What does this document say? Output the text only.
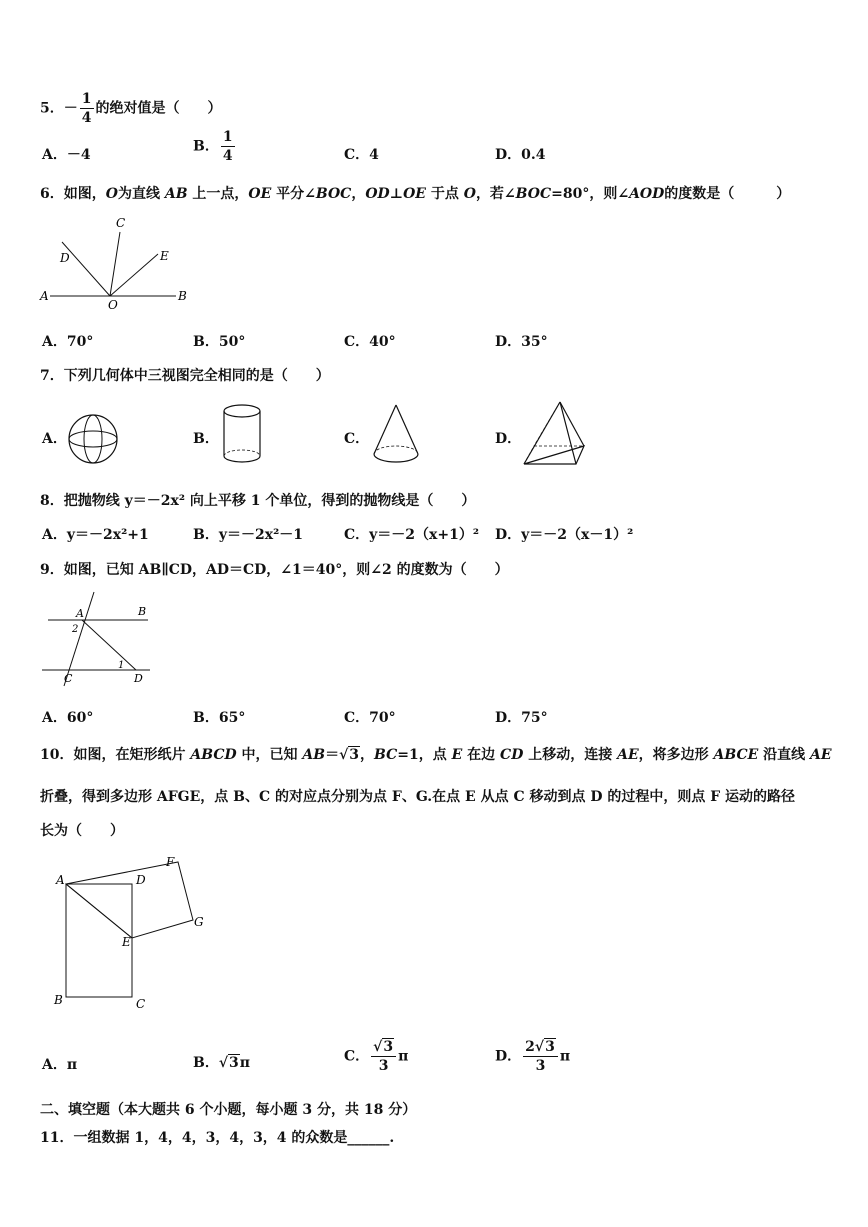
5．－ $\frac{1}{4}$ 的绝对值是（　　）
A．－4
B． $\frac{1}{4}$	C．4	D．0.4
6．如图，O为直线 AB 上一点，OE 平分∠BOC，OD⊥OE 于点 O，若∠BOC=80°，则∠AOD的度数是（　　　）
A	B
C
D	E
O
A．70°	B．50°	C．40°	D．35°
7．下列几何体中三视图完全相同的是（　　）
A．	B．	C．	D．
8．把抛物线 y＝－2x² 向上平移 1 个单位，得到的抛物线是（　　）
A．y＝－2x²+1	B．y＝－2x²－1	C．y＝－2（x+1）² D．y＝－2（x－1）²
9．如图，已知 AB∥CD，AD＝CD，∠1＝40°，则∠2 的度数为（　　）
A	B
C	D
1
2
A．60°	B．65°	C．70°	D．75°
10．如图，在矩形纸片 ABCD 中，已知 AB＝√3，BC=1，点 E 在边 CD 上移动，连接 AE，将多边形 ABCE 沿直线 AE
折叠，得到多边形 AFGE，点 B、C 的对应点分别为点 F、G.在点 E 从点 C 移动到点 D 的过程中，则点 F 运动的路径
长为（　　）
A	D
F
G
E
B	C
A．π	B．√3π	C． $\frac{√3}{3}$ π	D． $\frac{2√3}{3}$ π
二、填空题（本大题共 6 个小题，每小题 3 分，共 18 分）
11．一组数据 1，4，4，3，4，3，4 的众数是______.
